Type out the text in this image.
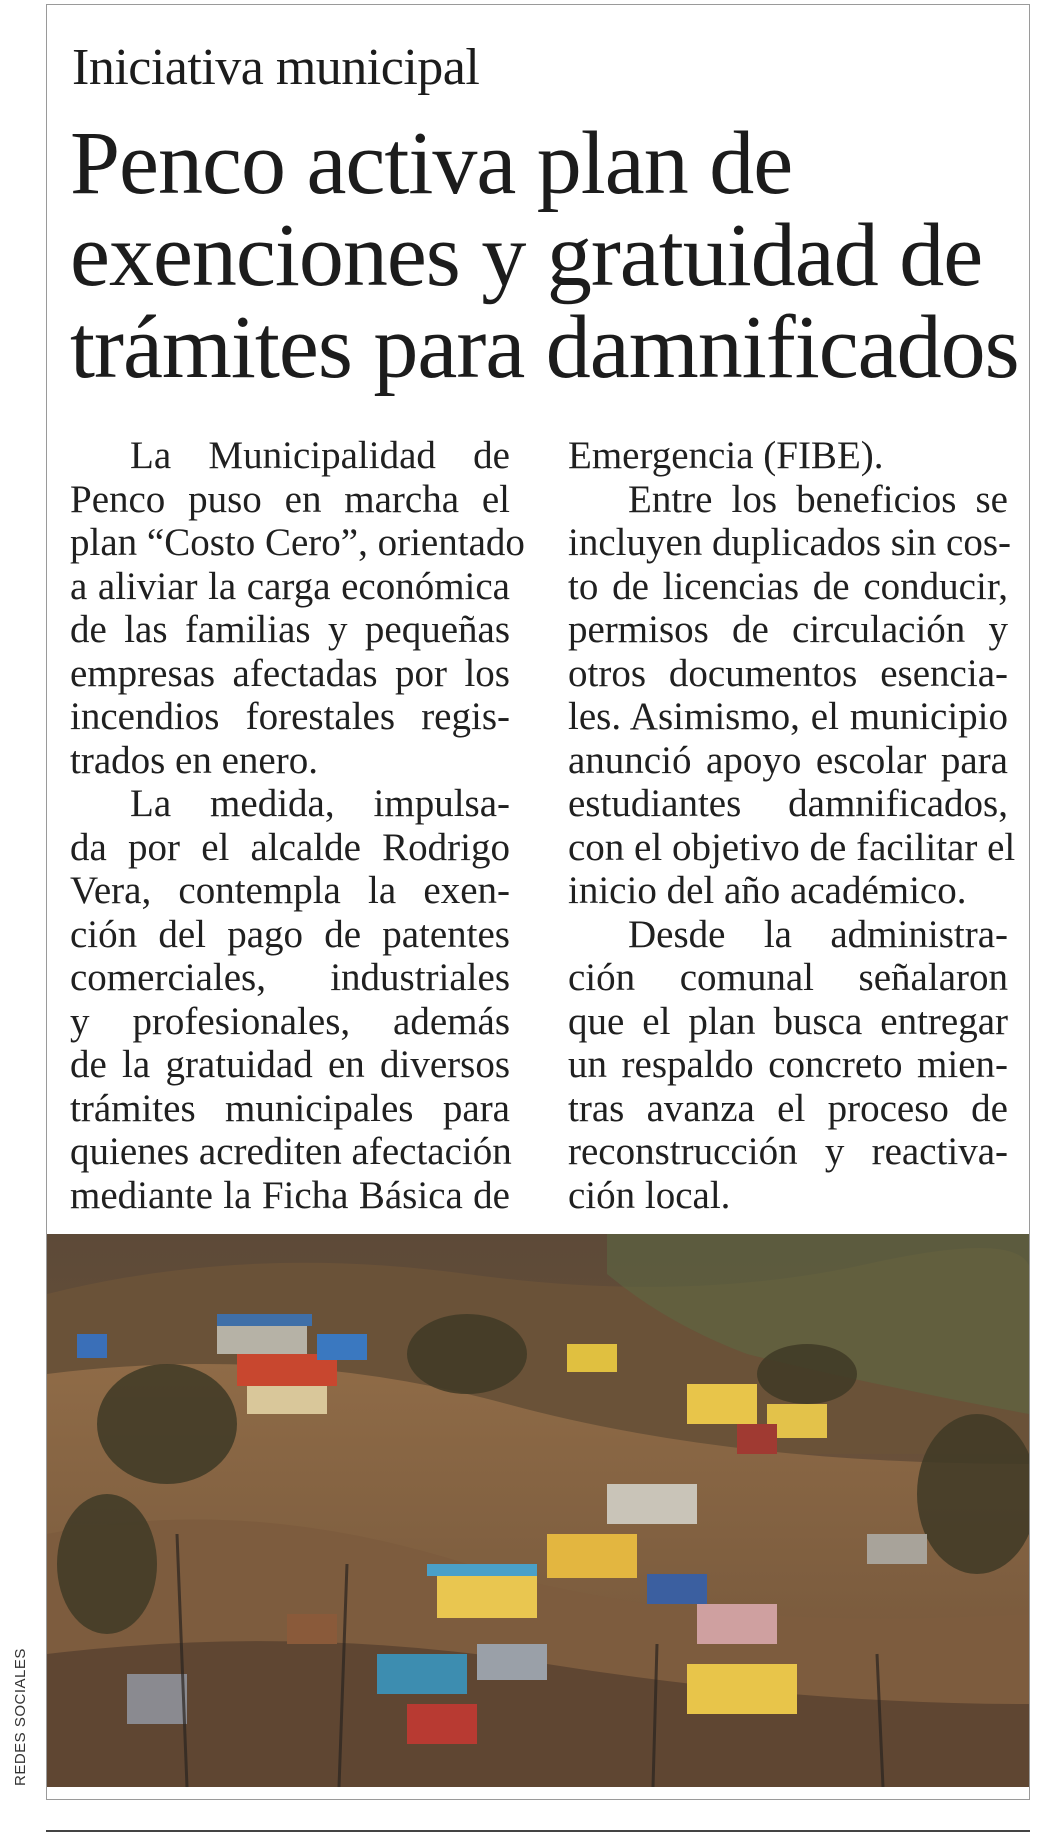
Iniciativa municipal
Penco activa plan de
exenciones y gratuidad de
trámites para damnificados
La Municipalidad de
Penco puso en marcha el
plan “Costo Cero”, orientado
a aliviar la carga económica
de las familias y pequeñas
empresas afectadas por los
incendios forestales regis-
trados en enero.
La medida, impulsa-
da por el alcalde Rodrigo
Vera, contempla la exen-
ción del pago de patentes
comerciales, industriales
y profesionales, además
de la gratuidad en diversos
trámites municipales para
quienes acrediten afectación
mediante la Ficha Básica de
Emergencia (FIBE).
Entre los beneficios se
incluyen duplicados sin cos-
to de licencias de conducir,
permisos de circulación y
otros documentos esencia-
les. Asimismo, el municipio
anunció apoyo escolar para
estudiantes damnificados,
con el objetivo de facilitar el
inicio del año académico.
Desde la administra-
ción comunal señalaron
que el plan busca entregar
un respaldo concreto mien-
tras avanza el proceso de
reconstrucción y reactiva-
ción local.
REDES SOCIALES
